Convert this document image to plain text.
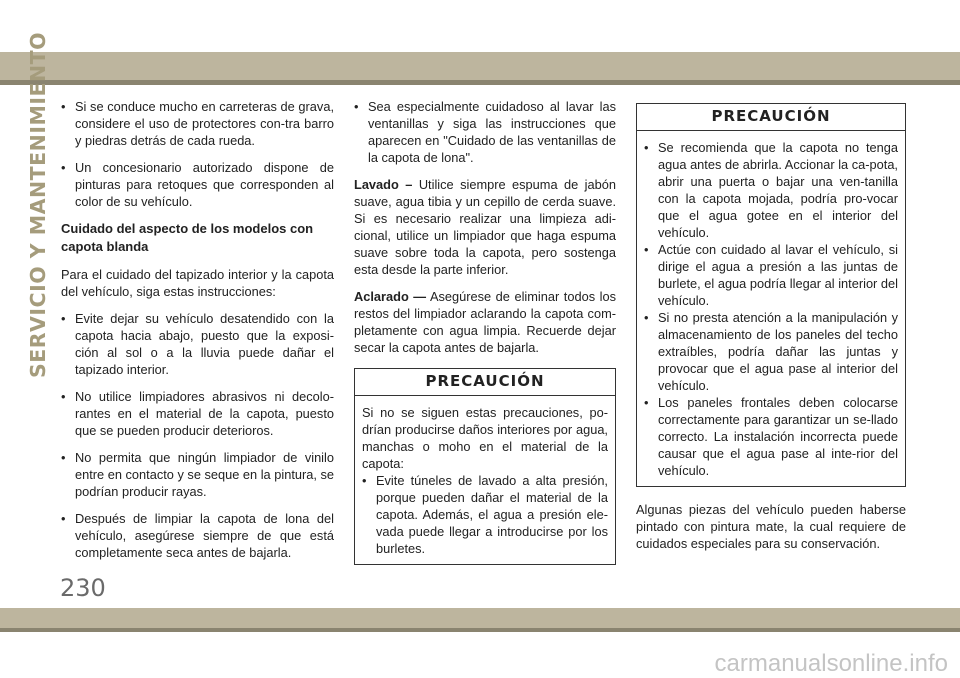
SERVICIO Y MANTENIMIENTO
•	Si se conduce mucho en carreteras de grava, considere el uso de protectores con-tra barro y piedras detrás de cada rueda.
• Un concesionario autorizado dispone de pinturas para retoques que corresponden al color de su vehículo.
Cuidado del aspecto de los modelos con capota blanda
Para el cuidado del tapizado interior y la capota del vehículo, siga estas instrucciones:
• Evite dejar su vehículo desatendido con la capota hacia abajo, puesto que la exposi-ción al sol o a la lluvia puede dañar el tapizado interior.
• No utilice limpiadores abrasivos ni decolo-rantes en el material de la capota, puesto que se pueden producir deterioros.
• No permita que ningún limpiador de vinilo entre en contacto y se seque en la pintura, se podrían producir rayas.
• Después de limpiar la capota de lona del vehículo, asegúrese siempre de que está completamente seca antes de bajarla.
• Sea especialmente cuidadoso al lavar las ventanillas y siga las instrucciones que aparecen en "Cuidado de las ventanillas de la capota de lona".
Lavado – Utilice siempre espuma de jabón suave, agua tibia y un cepillo de cerda suave. Si es necesario realizar una limpieza adi-cional, utilice un limpiador que haga espuma suave sobre toda la capota, pero sostenga esta desde la parte inferior.
Aclarado — Asegúrese de eliminar todos los restos del limpiador aclarando la capota com-pletamente con agua limpia. Recuerde dejar secar la capota antes de bajarla.
PRECAUCIÓN
Si no se siguen estas precauciones, po-drían producirse daños interiores por agua, manchas o moho en el material de la capota:
• Evite túneles de lavado a alta presión, porque pueden dañar el material de la capota. Además, el agua a presión ele-vada puede llegar a introducirse por los burletes.
PRECAUCIÓN
• Se recomienda que la capota no tenga agua antes de abrirla. Accionar la ca-pota, abrir una puerta o bajar una ven-tanilla con la capota mojada, podría pro-vocar que el agua gotee en el interior del vehículo.
• Actúe con cuidado al lavar el vehículo, si dirige el agua a presión a las juntas de burlete, el agua podría llegar al interior del vehículo.
• Si no presta atención a la manipulación y almacenamiento de los paneles del techo extraíbles, podría dañar las juntas y provocar que el agua pase al interior del vehículo.
• Los paneles frontales deben colocarse correctamente para garantizar un se-llado correcto. La instalación incorrecta puede causar que el agua pase al inte-rior del vehículo.
Algunas piezas del vehículo pueden haberse pintado con pintura mate, la cual requiere de cuidados especiales para su conservación.
230
carmanualsonline.info
